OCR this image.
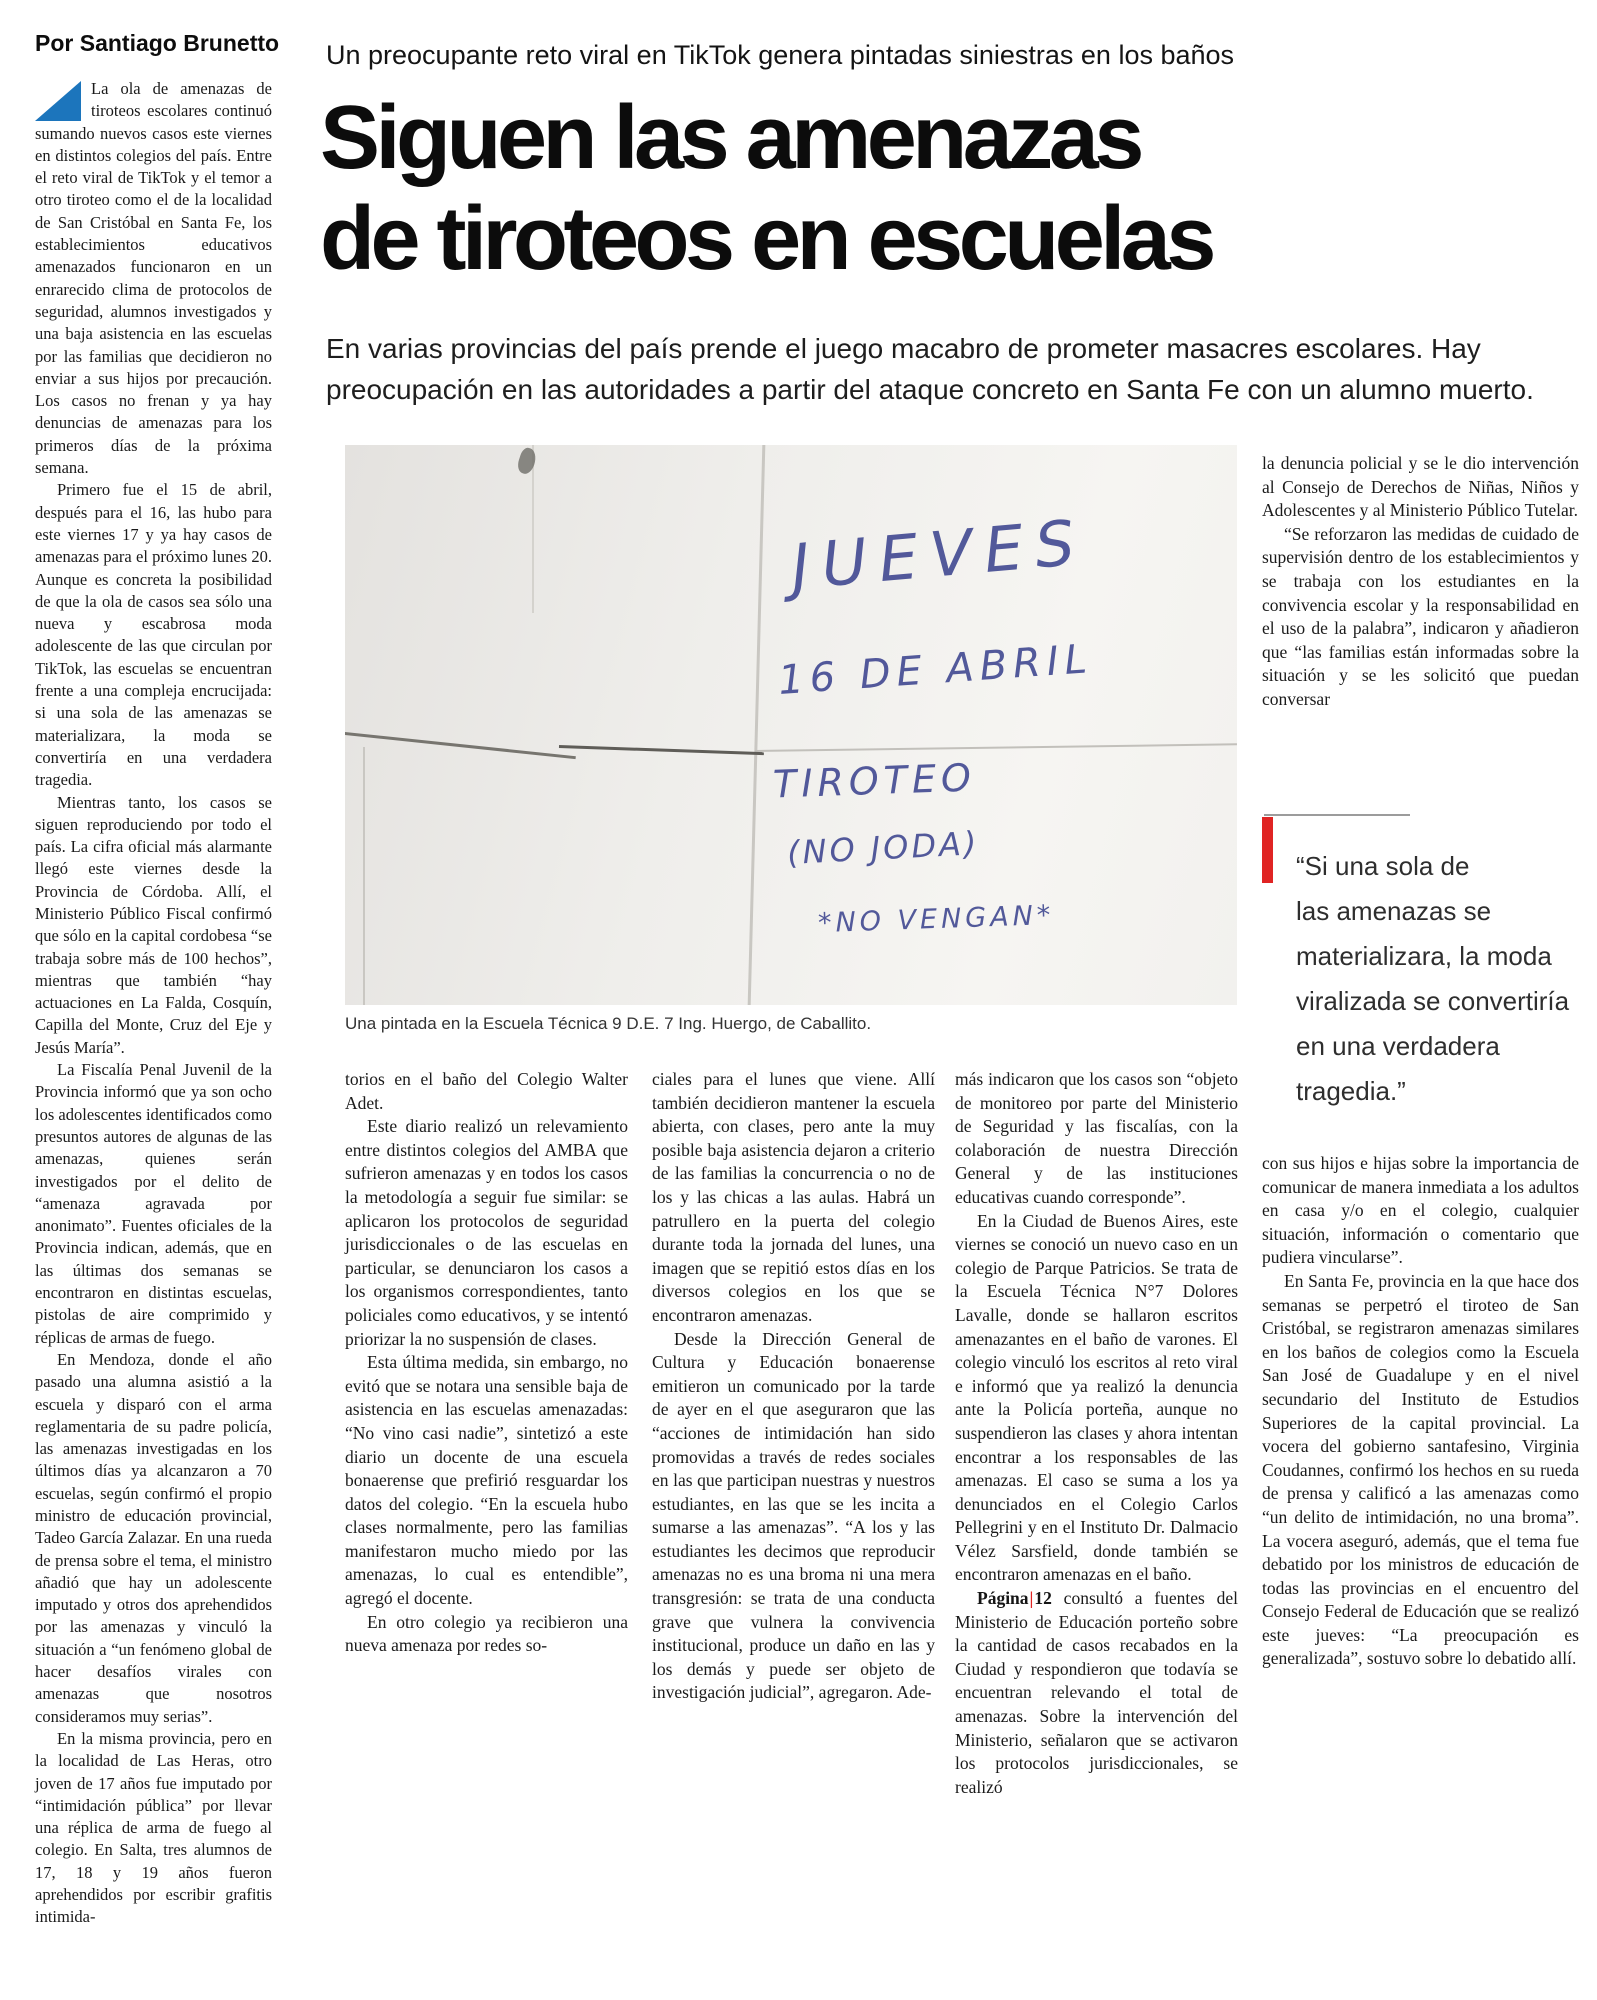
Por Santiago Brunetto Un preocupante reto viral en TikTok genera pintadas siniestras en los baños
Siguen las amenazas
de tiroteos en escuelas
En varias provincias del país prende el juego macabro de prometer masacres escolares. Hay preocupación en las autoridades a partir del ataque concreto en Santa Fe con un alumno muerto.

La ola de amenazas de tiroteos escolares continuó sumando nuevos casos este viernes en distintos colegios del país. Entre el reto viral de TikTok y el temor a otro tiroteo como el de la localidad de San Cristóbal en Santa Fe, los establecimientos educativos amenazados funcionaron en un enrarecido clima de protocolos de seguridad, alumnos investigados y una baja asistencia en las escuelas por las familias que decidieron no enviar a sus hijos por precaución. Los casos no frenan y ya hay denuncias de amenazas para los primeros días de la próxima semana.

Primero fue el 15 de abril, después para el 16, las hubo para este viernes 17 y ya hay casos de amenazas para el próximo lunes 20. Aunque es concreta la posibilidad de que la ola de casos sea sólo una nueva y escabrosa moda adolescente de las que circulan por TikTok, las escuelas se encuentran frente a una compleja encrucijada: si una sola de las amenazas se materializara, la moda se convertiría en una verdadera tragedia.

Mientras tanto, los casos se siguen reproduciendo por todo el país. La cifra oficial más alarmante llegó este viernes desde la Provincia de Córdoba. Allí, el Ministerio Público Fiscal confirmó que sólo en la capital cordobesa “se trabaja sobre más de 100 hechos”, mientras que también “hay actuaciones en La Falda, Cosquín, Capilla del Monte, Cruz del Eje y Jesús María”.

La Fiscalía Penal Juvenil de la Provincia informó que ya son ocho los adolescentes identificados como presuntos autores de algunas de las amenazas, quienes serán investigados por el delito de “amenaza agravada por anonimato”. Fuentes oficiales de la Provincia indican, además, que en las últimas dos semanas se encontraron en distintas escuelas, pistolas de aire comprimido y réplicas de armas de fuego.

En Mendoza, donde el año pasado una alumna asistió a la escuela y disparó con el arma reglamentaria de su padre policía, las amenazas investigadas en los últimos días ya alcanzaron a 70 escuelas, según confirmó el propio ministro de educación provincial, Tadeo García Zalazar. En una rueda de prensa sobre el tema, el ministro añadió que hay un adolescente imputado y otros dos aprehendidos por las amenazas y vinculó la situación a “un fenómeno global de hacer desafíos virales con amenazas que nosotros consideramos muy serias”.

En la misma provincia, pero en la localidad de Las Heras, otro joven de 17 años fue imputado por “intimidación pública” por llevar una réplica de arma de fuego al colegio. En Salta, tres alumnos de 17, 18 y 19 años fueron aprehendidos por escribir grafitis intimida-

JUEVES
16 DE ABRIL
TIROTEO
(NO JODA)
*NO VENGAN*
Una pintada en la Escuela Técnica 9 D.E. 7 Ing. Huergo, de Caballito.

torios en el baño del Colegio Walter Adet.

Este diario realizó un relevamiento entre distintos colegios del AMBA que sufrieron amenazas y en todos los casos la metodología a seguir fue similar: se aplicaron los protocolos de seguridad jurisdiccionales o de las escuelas en particular, se denunciaron los casos a los organismos correspondientes, tanto policiales como educativos, y se intentó priorizar la no suspensión de clases.

Esta última medida, sin embargo, no evitó que se notara una sensible baja de asistencia en las escuelas amenazadas: “No vino casi nadie”, sintetizó a este diario un docente de una escuela bonaerense que prefirió resguardar los datos del colegio. “En la escuela hubo clases normalmente, pero las familias manifestaron mucho miedo por las amenazas, lo cual es entendible”, agregó el docente.

En otro colegio ya recibieron una nueva amenaza por redes so-

ciales para el lunes que viene. Allí también decidieron mantener la escuela abierta, con clases, pero ante la muy posible baja asistencia dejaron a criterio de las familias la concurrencia o no de los y las chicas a las aulas. Habrá un patrullero en la puerta del colegio durante toda la jornada del lunes, una imagen que se repitió estos días en los diversos colegios en los que se encontraron amenazas.

Desde la Dirección General de Cultura y Educación bonaerense emitieron un comunicado por la tarde de ayer en el que aseguraron que las “acciones de intimidación han sido promovidas a través de redes sociales en las que participan nuestras y nuestros estudiantes, en las que se les incita a sumarse a las amenazas”. “A los y las estudiantes les decimos que reproducir amenazas no es una broma ni una mera transgresión: se trata de una conducta grave que vulnera la convivencia institucional, produce un daño en las y los demás y puede ser objeto de investigación judicial”, agregaron. Ade-

más indicaron que los casos son “objeto de monitoreo por parte del Ministerio de Seguridad y las fiscalías, con la colaboración de nuestra Dirección General y de las instituciones educativas cuando corresponde”.

En la Ciudad de Buenos Aires, este viernes se conoció un nuevo caso en un colegio de Parque Patricios. Se trata de la Escuela Técnica N°7 Dolores Lavalle, donde se hallaron escritos amenazantes en el baño de varones. El colegio vinculó los escritos al reto viral e informó que ya realizó la denuncia ante la Policía porteña, aunque no suspendieron las clases y ahora intentan encontrar a los responsables de las amenazas. El caso se suma a los ya denunciados en el Colegio Carlos Pellegrini y en el Instituto Dr. Dalmacio Vélez Sarsfield, donde también se encontraron amenazas en el baño.

Página|12 consultó a fuentes del Ministerio de Educación porteño sobre la cantidad de casos recabados en la Ciudad y respondieron que todavía se encuentran relevando el total de amenazas. Sobre la intervención del Ministerio, señalaron que se activaron los protocolos jurisdiccionales, se realizó

la denuncia policial y se le dio intervención al Consejo de Derechos de Niñas, Niños y Adolescentes y al Ministerio Público Tutelar.

“Se reforzaron las medidas de cuidado de supervisión dentro de los establecimientos y se trabaja con los estudiantes en la convivencia escolar y la responsabilidad en el uso de la palabra”, indicaron y añadieron que “las familias están informadas sobre la situación y se les solicitó que puedan conversar

“Si una sola de
las amenazas se
materializara, la moda
viralizada se convertiría
en una verdadera
tragedia.”

con sus hijos e hijas sobre la importancia de comunicar de manera inmediata a los adultos en casa y/o en el colegio, cualquier situación, información o comentario que pudiera vincularse”.

En Santa Fe, provincia en la que hace dos semanas se perpetró el tiroteo de San Cristóbal, se registraron amenazas similares en los baños de colegios como la Escuela San José de Guadalupe y en el nivel secundario del Instituto de Estudios Superiores de la capital provincial. La vocera del gobierno santafesino, Virginia Coudannes, confirmó los hechos en su rueda de prensa y calificó a las amenazas como “un delito de intimidación, no una broma”. La vocera aseguró, además, que el tema fue debatido por los ministros de educación de todas las provincias en el encuentro del Consejo Federal de Educación que se realizó este jueves: “La preocupación es generalizada”, sostuvo sobre lo debatido allí.
